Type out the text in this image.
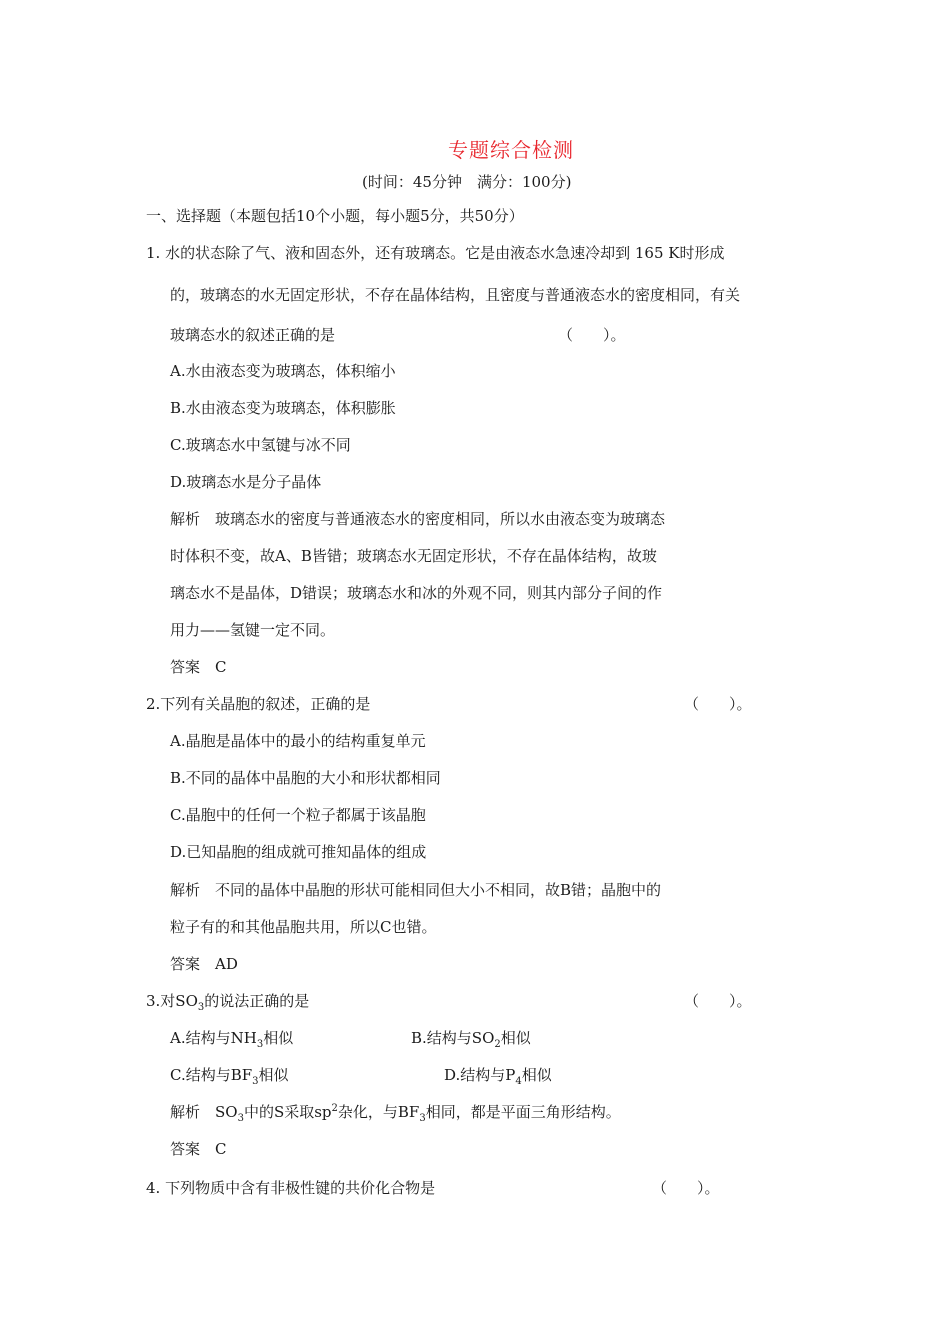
专题综合检测
(时间：45分钟　满分：100分)
一、选择题（本题包括10个小题，每小题5分，共50分）
1. 水的状态除了气、液和固态外，还有玻璃态。它是由液态水急速冷却到 165 K时形成
的，玻璃态的水无固定形状，不存在晶体结构，且密度与普通液态水的密度相同，有关
玻璃态水的叙述正确的是	（　　）。
A.水由液态变为玻璃态，体积缩小
B.水由液态变为玻璃态，体积膨胀
C.玻璃态水中氢键与冰不同
D.玻璃态水是分子晶体
解析　玻璃态水的密度与普通液态水的密度相同，所以水由液态变为玻璃态
时体积不变，故A、B皆错；玻璃态水无固定形状，不存在晶体结构，故玻
璃态水不是晶体，D错误；玻璃态水和冰的外观不同，则其内部分子间的作
用力——氢键一定不同。
答案　C
2.下列有关晶胞的叙述，正确的是	（　　）。
A.晶胞是晶体中的最小的结构重复单元
B.不同的晶体中晶胞的大小和形状都相同
C.晶胞中的任何一个粒子都属于该晶胞
D.已知晶胞的组成就可推知晶体的组成
解析　不同的晶体中晶胞的形状可能相同但大小不相同，故B错；晶胞中的
粒子有的和其他晶胞共用，所以C也错。
答案　AD
3.对$SO_3$的说法正确的是	（　　）。
A.结构与$NH_3$相似	B.结构与$SO_2$相似
C.结构与$BF_3$相似	D.结构与$P_4$相似
解析　$SO_3$中的S采取$sp^2$杂化，与$BF_3$相同，都是平面三角形结构。
答案　C
4. 下列物质中含有非极性键的共价化合物是	（　　）。
